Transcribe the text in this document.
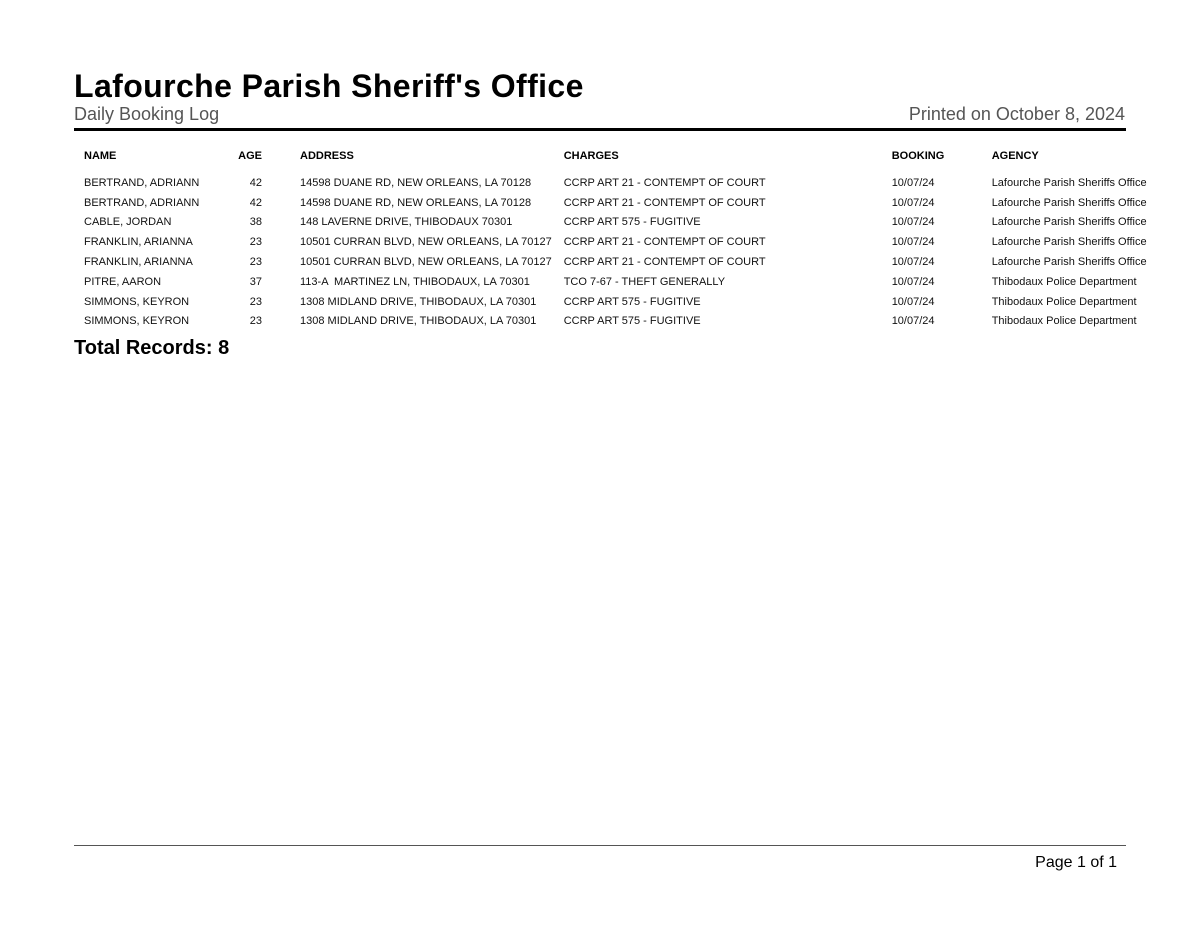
Lafourche Parish Sheriff's Office
Daily Booking Log	Printed on October 8, 2024
NAME	AGE		ADDRESS	CHARGES	BOOKING	AGENCY

BERTRAND, ADRIANN	42		14598 DUANE RD, NEW ORLEANS, LA 70128	CCRP ART 21 - CONTEMPT OF COURT	10/07/24	Lafourche Parish Sheriffs Office
BERTRAND, ADRIANN	42		14598 DUANE RD, NEW ORLEANS, LA 70128	CCRP ART 21 - CONTEMPT OF COURT	10/07/24	Lafourche Parish Sheriffs Office
CABLE, JORDAN	38		148 LAVERNE DRIVE, THIBODAUX 70301	CCRP ART 575 - FUGITIVE	10/07/24	Lafourche Parish Sheriffs Office
FRANKLIN, ARIANNA	23		10501 CURRAN BLVD, NEW ORLEANS, LA 70127	CCRP ART 21 - CONTEMPT OF COURT	10/07/24	Lafourche Parish Sheriffs Office
FRANKLIN, ARIANNA	23		10501 CURRAN BLVD, NEW ORLEANS, LA 70127	CCRP ART 21 - CONTEMPT OF COURT	10/07/24	Lafourche Parish Sheriffs Office
PITRE, AARON	37		113-A  MARTINEZ LN, THIBODAUX, LA 70301	TCO 7-67 - THEFT GENERALLY	10/07/24	Thibodaux Police Department
SIMMONS, KEYRON	23		1308 MIDLAND DRIVE, THIBODAUX, LA 70301	CCRP ART 575 - FUGITIVE	10/07/24	Thibodaux Police Department
SIMMONS, KEYRON	23		1308 MIDLAND DRIVE, THIBODAUX, LA 70301	CCRP ART 575 - FUGITIVE	10/07/24	Thibodaux Police Department
Total Records: 8
Page 1 of 1
